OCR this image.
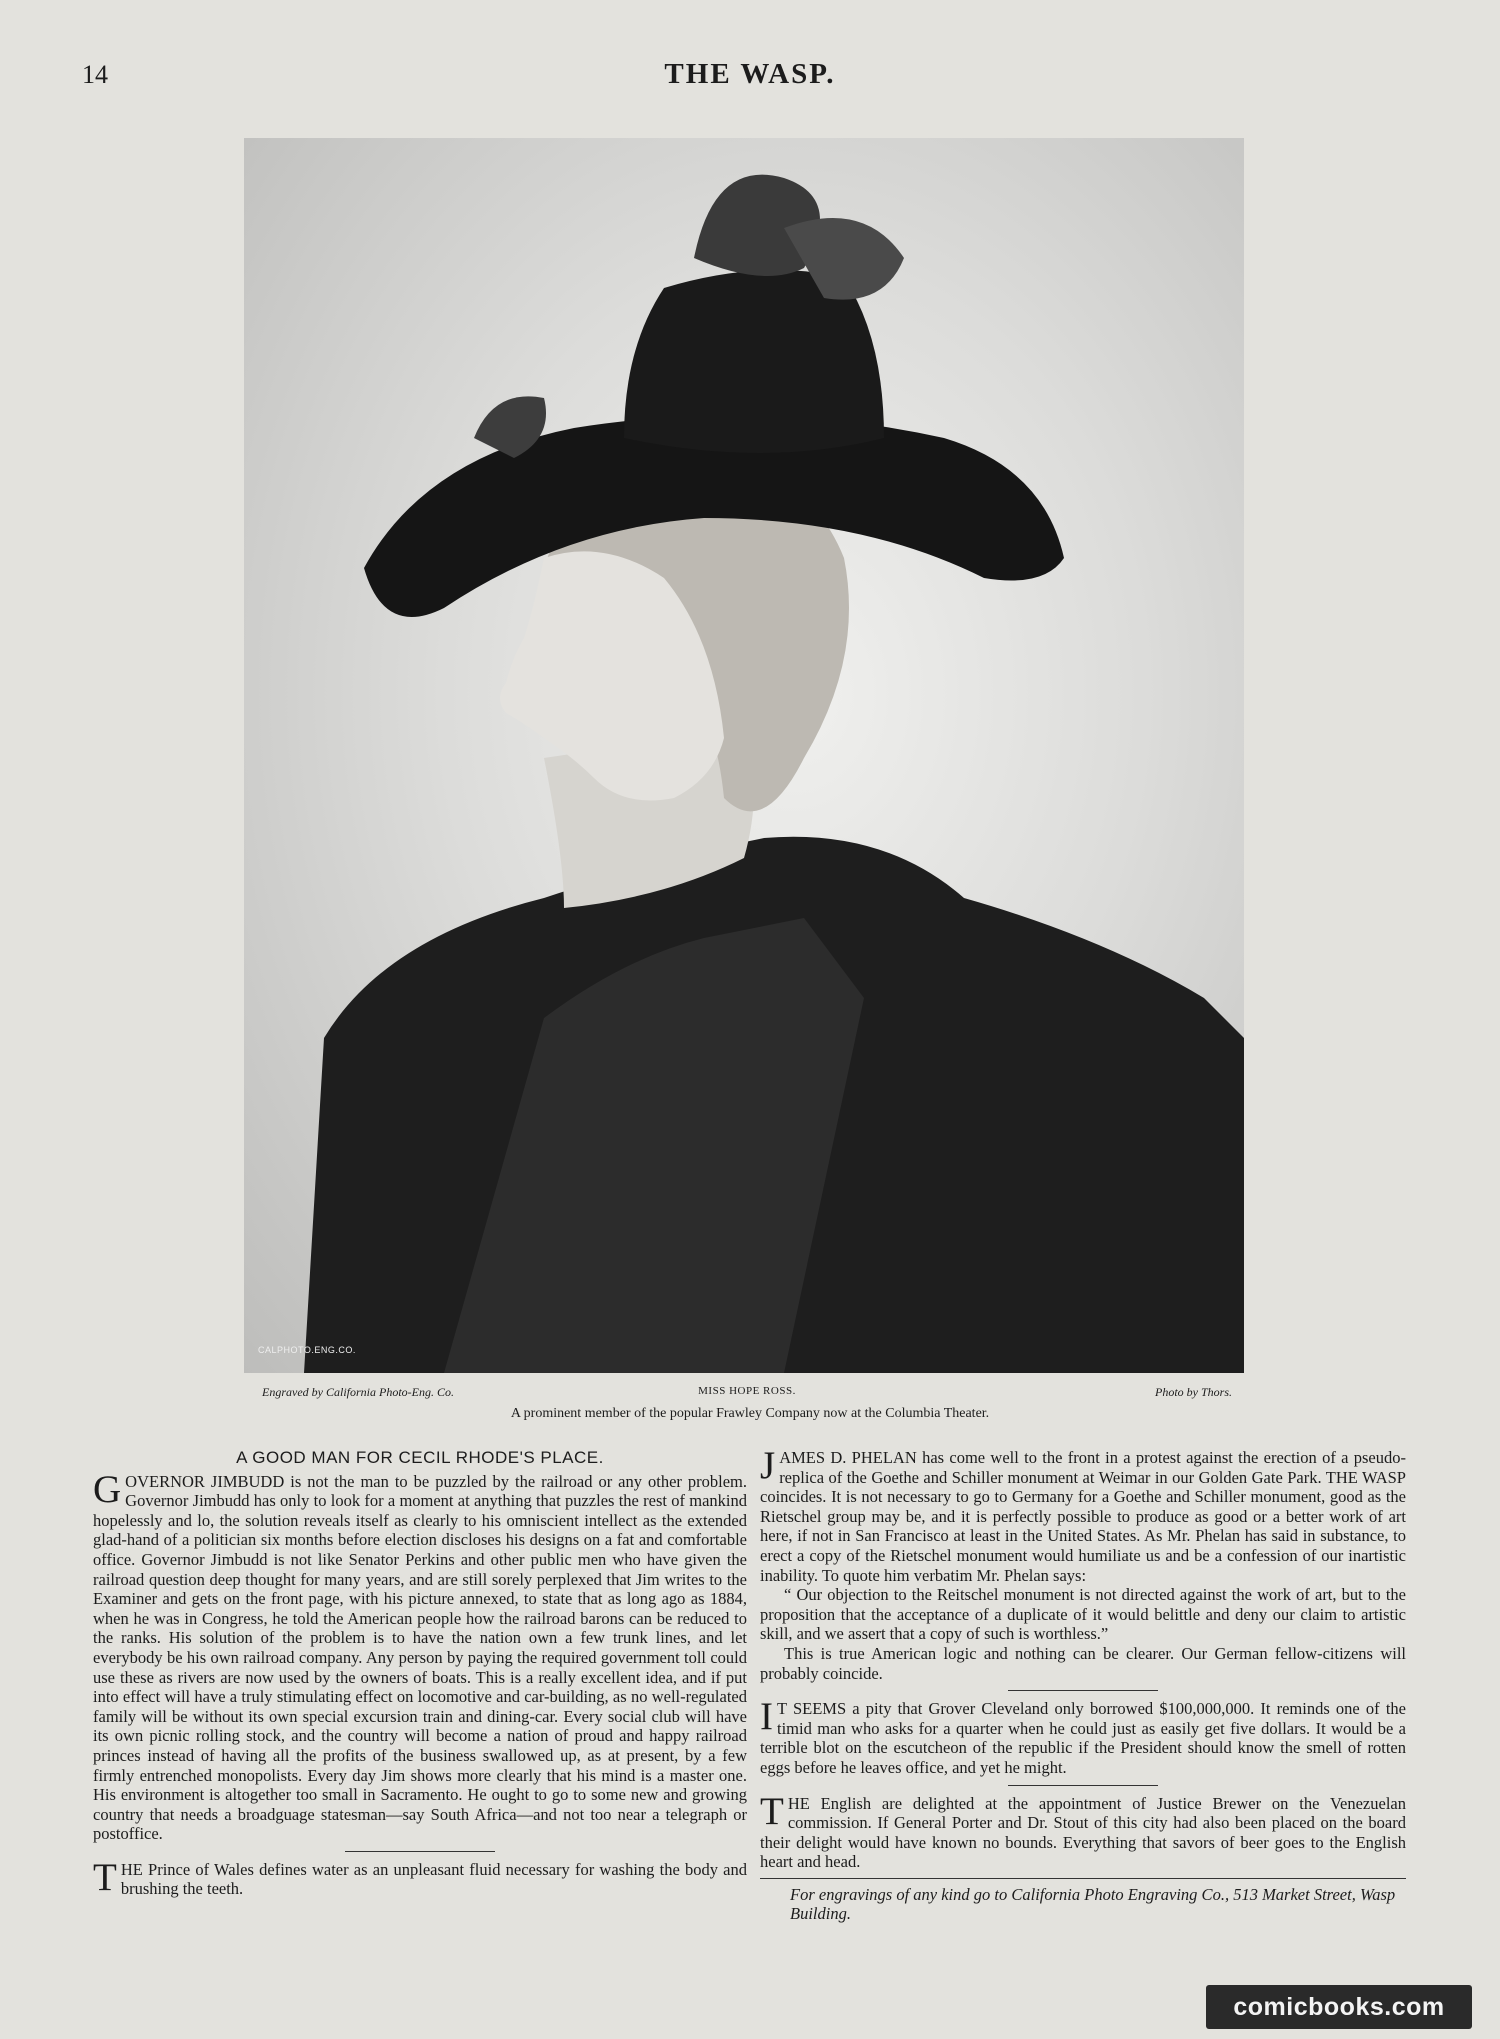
14	THE WASP.
CALPHOTO.ENG.CO.
Engraved by California Photo-Eng. Co.	MISS HOPE ROSS.	Photo by Thors.
A prominent member of the popular Frawley Company now at the Columbia Theater.
A GOOD MAN FOR CECIL RHODE'S PLACE.

GOVERNOR JIMBUDD is not the man to be puzzled by the railroad or any other problem. Governor Jimbudd has only to look for a moment at anything that puzzles the rest of mankind hopelessly and lo, the solution reveals itself as clearly to his omniscient intellect as the extended glad-hand of a politician six months before election discloses his designs on a fat and comfortable office. Governor Jimbudd is not like Senator Perkins and other public men who have given the railroad question deep thought for many years, and are still sorely perplexed that Jim writes to the Examiner and gets on the front page, with his picture annexed, to state that as long ago as 1884, when he was in Congress, he told the American people how the railroad barons can be reduced to the ranks. His solution of the problem is to have the nation own a few trunk lines, and let everybody be his own railroad company. Any person by paying the required government toll could use these as rivers are now used by the owners of boats. This is a really excellent idea, and if put into effect will have a truly stimulating effect on locomotive and car-building, as no well-regulated family will be without its own special excursion train and dining-car. Every social club will have its own picnic rolling stock, and the country will become a nation of proud and happy railroad princes instead of having all the profits of the business swallowed up, as at present, by a few firmly entrenched monopolists. Every day Jim shows more clearly that his mind is a master one. His environment is altogether too small in Sacramento. He ought to go to some new and growing country that needs a broadguage statesman—say South Africa—and not too near a telegraph or postoffice.

THE Prince of Wales defines water as an unpleasant fluid necessary for washing the body and brushing the teeth.

JAMES D. PHELAN has come well to the front in a protest against the erection of a pseudo-replica of the Goethe and Schiller monument at Weimar in our Golden Gate Park. THE WASP coincides. It is not necessary to go to Germany for a Goethe and Schiller monument, good as the Rietschel group may be, and it is perfectly possible to produce as good or a better work of art here, if not in San Francisco at least in the United States. As Mr. Phelan has said in substance, to erect a copy of the Rietschel monument would humiliate us and be a confession of our inartistic inability. To quote him verbatim Mr. Phelan says:

“ Our objection to the Reitschel monument is not directed against the work of art, but to the proposition that the acceptance of a duplicate of it would belittle and deny our claim to artistic skill, and we assert that a copy of such is worthless.”

This is true American logic and nothing can be clearer. Our German fellow-citizens will probably coincide.

IT SEEMS a pity that Grover Cleveland only borrowed $100,000,000. It reminds one of the timid man who asks for a quarter when he could just as easily get five dollars. It would be a terrible blot on the escutcheon of the republic if the President should know the smell of rotten eggs before he leaves office, and yet he might.

THE English are delighted at the appointment of Justice Brewer on the Venezuelan commission. If General Porter and Dr. Stout of this city had also been placed on the board their delight would have known no bounds. Everything that savors of beer goes to the English heart and head.

For engravings of any kind go to California Photo Engraving Co., 513 Market Street, Wasp Building.

comicbooks.com
